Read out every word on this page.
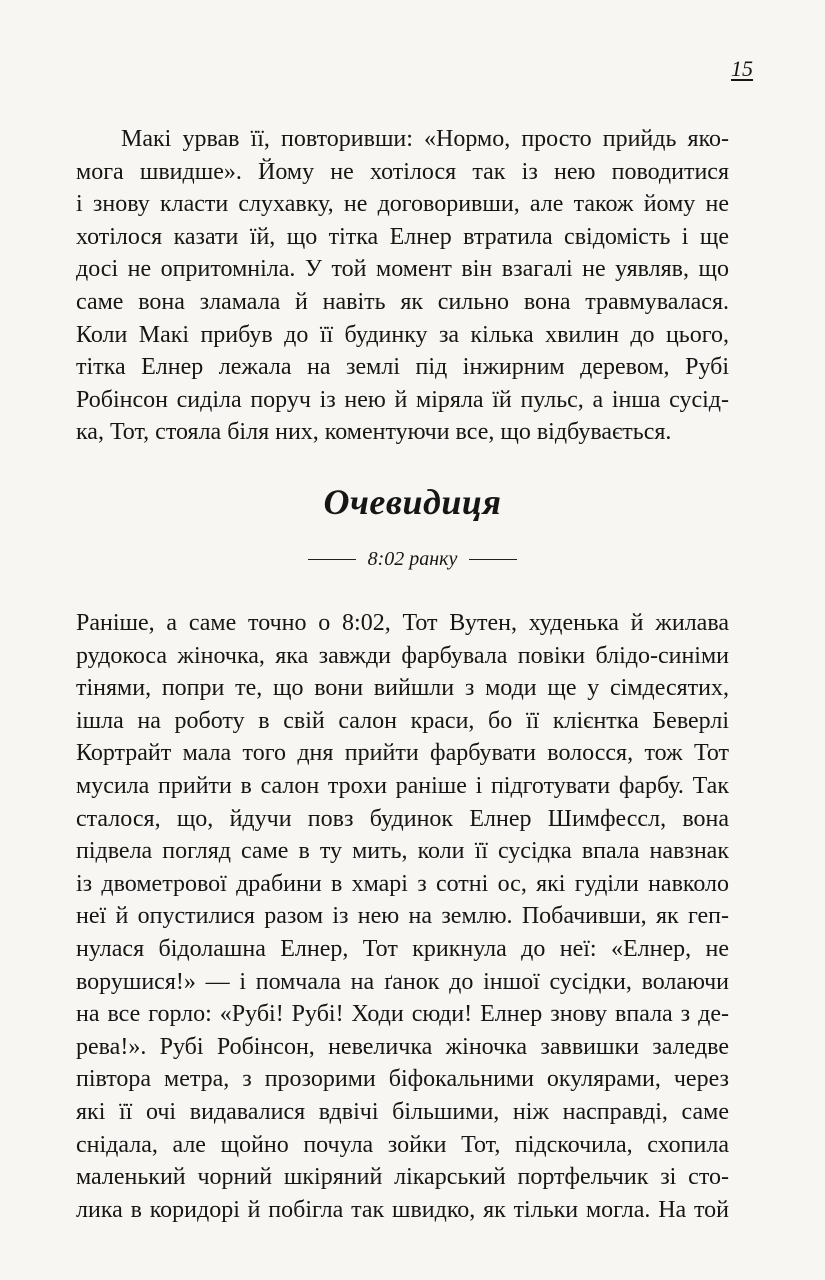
15
Макі урвав її, повторивши: «Нормо, просто прийдь яко-
мога швидше». Йому не хотілося так із нею поводитися
і знову класти слухавку, не договоривши, але також йому не
хотілося казати їй, що тітка Елнер втратила свідомість і ще
досі не опритомніла. У той момент він взагалі не уявляв, що
саме вона зламала й навіть як сильно вона травмувалася.
Коли Макі прибув до її будинку за кілька хвилин до цього,
тітка Елнер лежала на землі під інжирним деревом, Рубі
Робінсон сиділа поруч із нею й міряла їй пульс, а інша сусід-
ка, Тот, стояла біля них, коментуючи все, що відбувається.
Очевидиця
8:02 ранку
Раніше, а саме точно о 8:02, Тот Вутен, худенька й жилава
рудокоса жіночка, яка завжди фарбувала повіки блідо-синіми
тінями, попри те, що вони вийшли з моди ще у сімдесятих,
ішла на роботу в свій салон краси, бо її клієнтка Беверлі
Кортрайт мала того дня прийти фарбувати волосся, тож Тот
мусила прийти в салон трохи раніше і підготувати фарбу. Так
сталося, що, йдучи повз будинок Елнер Шимфесcл, вона
підвела погляд саме в ту мить, коли її сусідка впала навзнак
із двометрової драбини в хмарі з сотні ос, які гуділи навколо
неї й опустилися разом із нею на землю. Побачивши, як геп-
нулася бідолашна Елнер, Тот крикнула до неї: «Елнер, не
ворушися!» — і помчала на ґанок до іншої сусідки, волаючи
на все горло: «Рубі! Рубі! Ходи сюди! Елнер знову впала з де-
рева!». Рубі Робінсон, невеличка жіночка заввишки заледве
півтора метра, з прозорими біфокальними окулярами, через
які її очі видавалися вдвічі більшими, ніж насправді, саме
снідала, але щойно почула зойки Тот, підскочила, схопила
маленький чорний шкіряний лікарський портфельчик зі сто-
лика в коридорі й побігла так швидко, як тільки могла. На той
